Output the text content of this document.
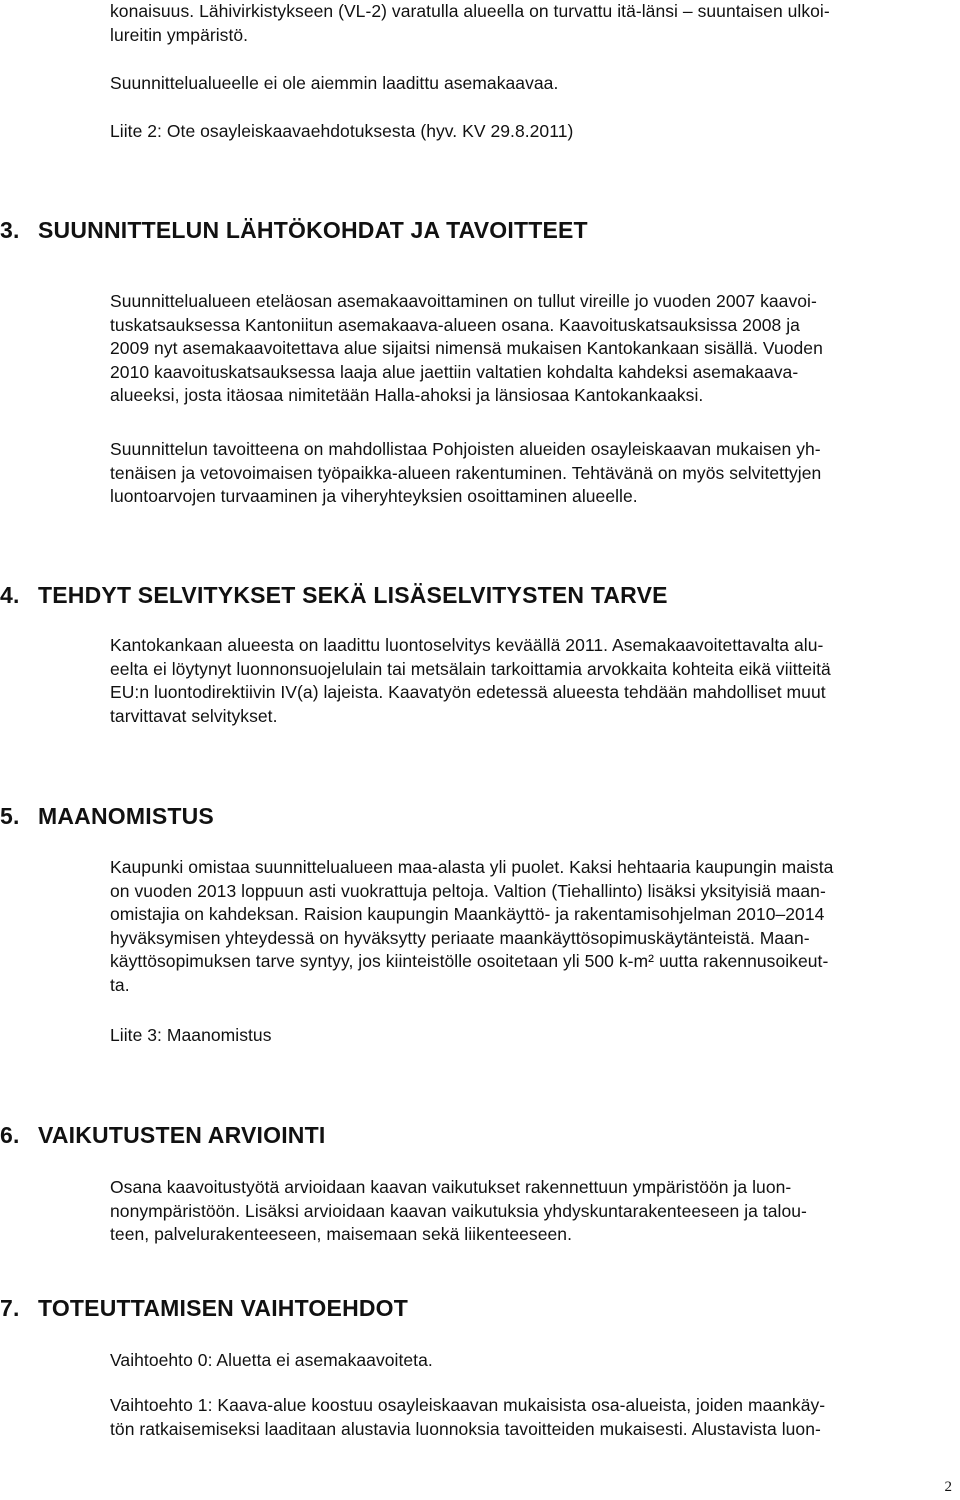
konaisuus. Lähivirkistykseen (VL-2) varatulla alueella on turvattu itä-länsi – suuntaisen ulkoi-
lureitin ympäristö.
Suunnittelualueelle ei ole aiemmin laadittu asemakaavaa.
Liite 2: Ote osayleiskaavaehdotuksesta (hyv. KV 29.8.2011)
3. SUUNNITTELUN LÄHTÖKOHDAT JA TAVOITTEET
Suunnittelualueen eteläosan asemakaavoittaminen on tullut vireille jo vuoden 2007 kaavoi-
tuskatsauksessa Kantoniitun asemakaava-alueen osana. Kaavoituskatsauksissa 2008 ja
2009 nyt asemakaavoitettava alue sijaitsi nimensä mukaisen Kantokankaan sisällä. Vuoden
2010 kaavoituskatsauksessa laaja alue jaettiin valtatien kohdalta kahdeksi asemakaava-
alueeksi, josta itäosaa nimitetään Halla-ahoksi ja länsiosaa Kantokankaaksi.
Suunnittelun tavoitteena on mahdollistaa Pohjoisten alueiden osayleiskaavan mukaisen yh-
tenäisen ja vetovoimaisen työpaikka-alueen rakentuminen. Tehtävänä on myös selvitettyjen
luontoarvojen turvaaminen ja viheryhteyksien osoittaminen alueelle.
4. TEHDYT SELVITYKSET SEKÄ LISÄSELVITYSTEN TARVE
Kantokankaan alueesta on laadittu luontoselvitys keväällä 2011. Asemakaavoitettavalta alu-
eelta ei löytynyt luonnonsuojelulain tai metsälain tarkoittamia arvokkaita kohteita eikä viitteitä
EU:n luontodirektiivin IV(a) lajeista. Kaavatyön edetessä alueesta tehdään mahdolliset muut
tarvittavat selvitykset.
5. MAANOMISTUS
Kaupunki omistaa suunnittelualueen maa-alasta yli puolet. Kaksi hehtaaria kaupungin maista
on vuoden 2013 loppuun asti vuokrattuja peltoja. Valtion (Tiehallinto) lisäksi yksityisiä maan-
omistajia on kahdeksan. Raision kaupungin Maankäyttö- ja rakentamisohjelman 2010–2014
hyväksymisen yhteydessä on hyväksytty periaate maankäyttösopimuskäytänteistä. Maan-
käyttösopimuksen tarve syntyy, jos kiinteistölle osoitetaan yli 500 k-m² uutta rakennusoikeut-
ta.
Liite 3: Maanomistus
6. VAIKUTUSTEN ARVIOINTI
Osana kaavoitustyötä arvioidaan kaavan vaikutukset rakennettuun ympäristöön ja luon-
nonympäristöön. Lisäksi arvioidaan kaavan vaikutuksia yhdyskuntarakenteeseen ja talou-
teen, palvelurakenteeseen, maisemaan sekä liikenteeseen.
7. TOTEUTTAMISEN VAIHTOEHDOT
Vaihtoehto 0: Aluetta ei asemakaavoiteta.
Vaihtoehto 1: Kaava-alue koostuu osayleiskaavan mukaisista osa-alueista, joiden maankäy-
tön ratkaisemiseksi laaditaan alustavia luonnoksia tavoitteiden mukaisesti. Alustavista luon-
2
